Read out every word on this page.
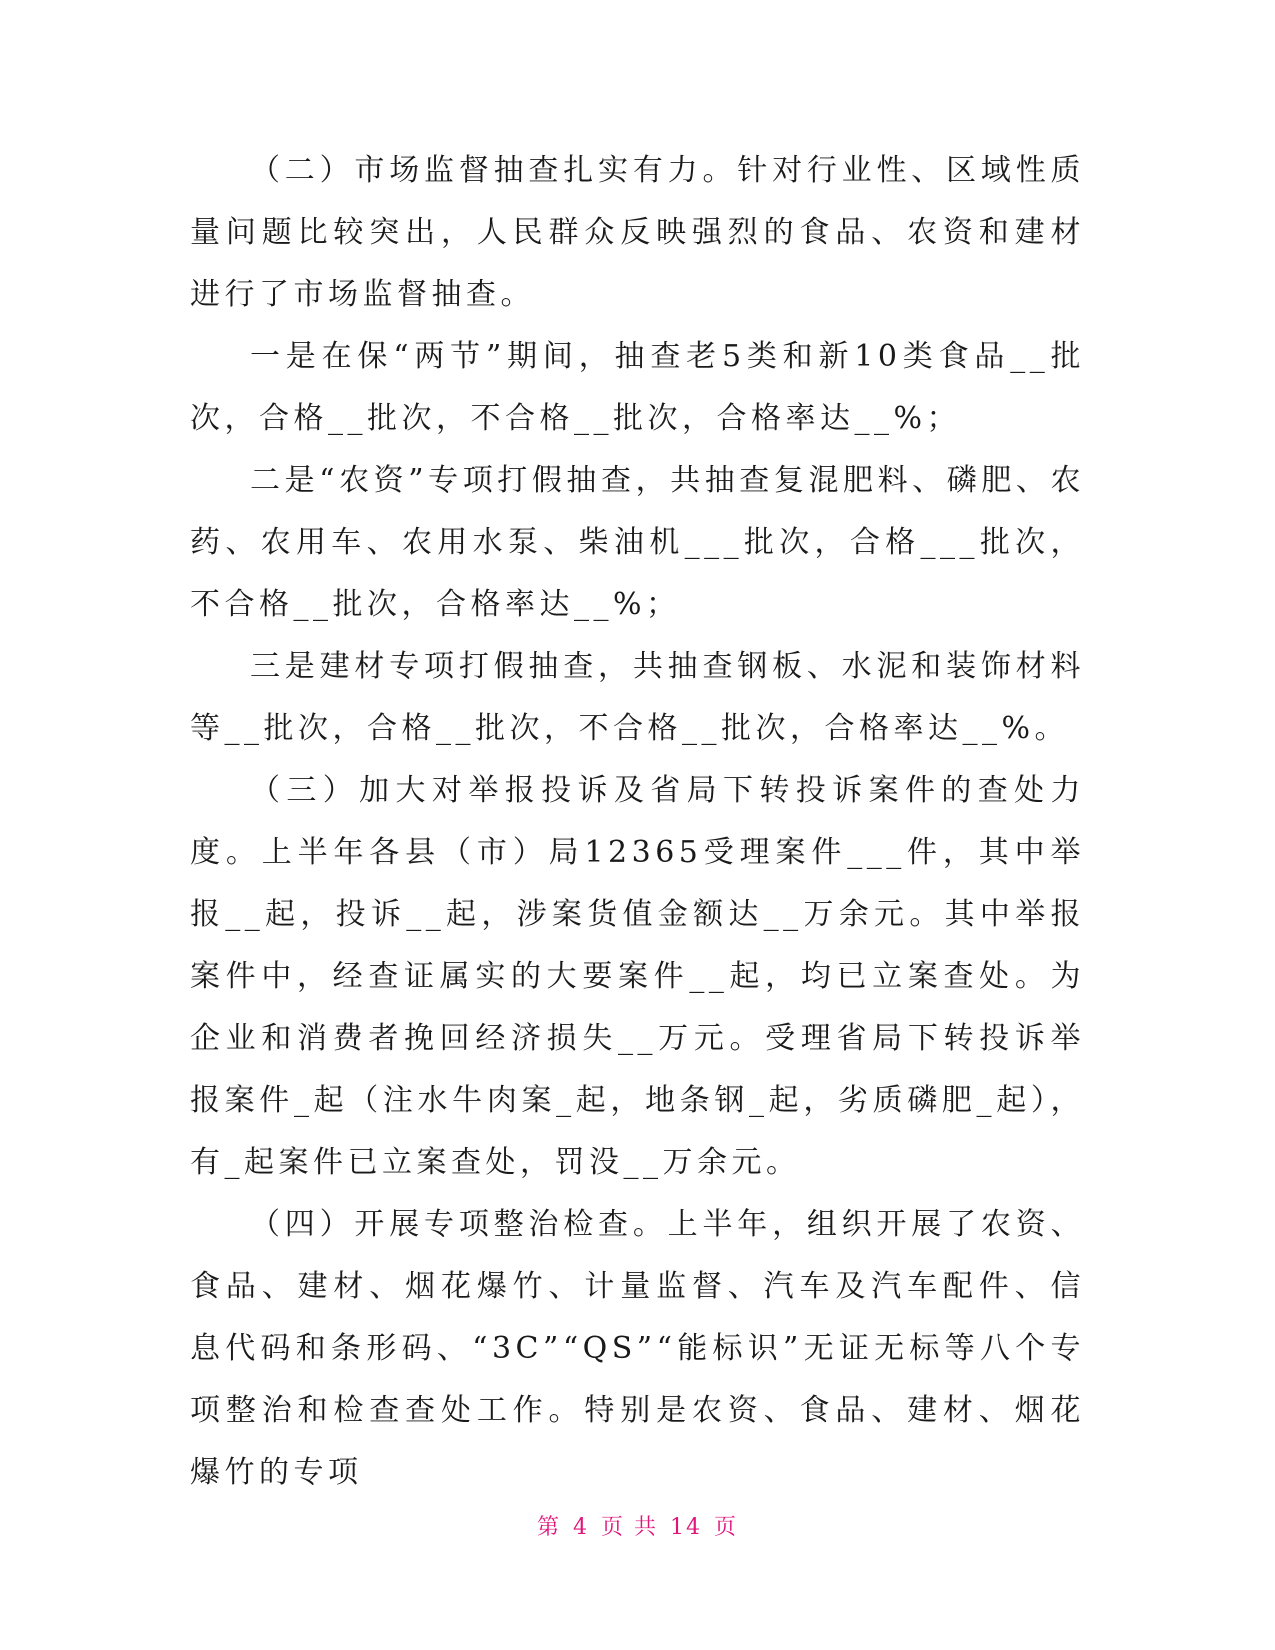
（二）市场监督抽查扎实有力。针对行业性、区域性质量问题比较突出，人民群众反映强烈的食品、农资和建材进行了市场监督抽查。

一是在保“两节”期间，抽查老5类和新10类食品__批次，合格__批次，不合格__批次，合格率达__%；

二是“农资”专项打假抽查，共抽查复混肥料、磷肥、农药、农用车、农用水泵、柴油机___批次，合格___批次，不合格__批次，合格率达__%；

三是建材专项打假抽查，共抽查钢板、水泥和装饰材料等__批次，合格__批次，不合格__批次，合格率达__%。

（三）加大对举报投诉及省局下转投诉案件的查处力度。上半年各县（市）局12365受理案件___件，其中举报__起，投诉__起，涉案货值金额达__万余元。其中举报案件中，经查证属实的大要案件__起，均已立案查处。为企业和消费者挽回经济损失__万元。受理省局下转投诉举报案件_起（注水牛肉案_起，地条钢_起，劣质磷肥_起），有_起案件已立案查处，罚没__万余元。

（四）开展专项整治检查。上半年，组织开展了农资、食品、建材、烟花爆竹、计量监督、汽车及汽车配件、信息代码和条形码、“3C”“QS”“能标识”无证无标等八个专项整治和检查查处工作。特别是农资、食品、建材、烟花爆竹的专项

第 4 页 共 14 页
